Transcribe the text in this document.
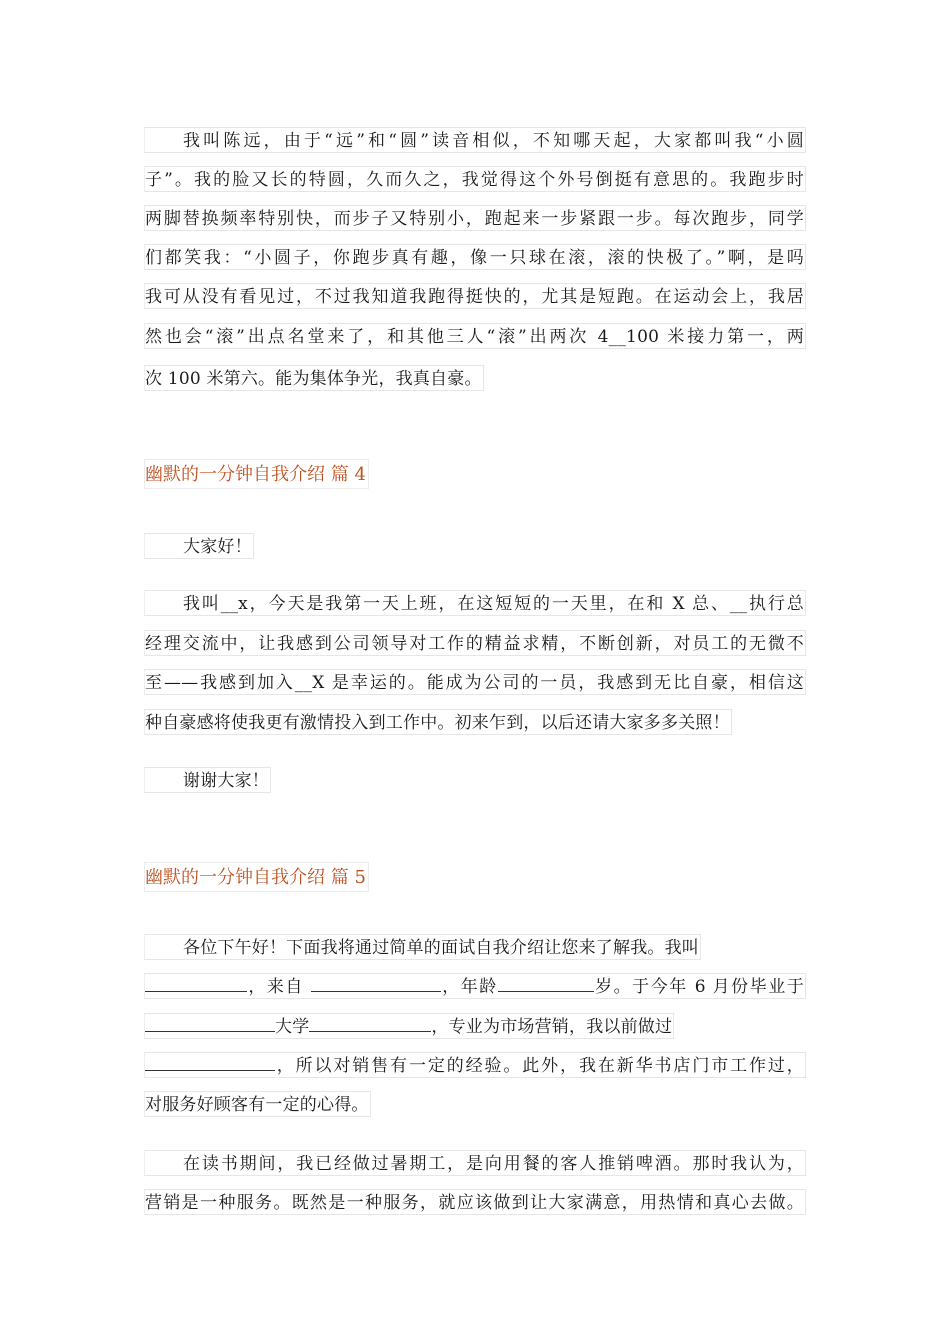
我叫陈远，由于“远”和“圆”读音相似，不知哪天起，大家都叫我“小圆
子”。我的脸又长的特圆，久而久之，我觉得这个外号倒挺有意思的。我跑步时
两脚替换频率特别快，而步子又特别小，跑起来一步紧跟一步。每次跑步，同学
们都笑我：“小圆子，你跑步真有趣，像一只球在滚，滚的快极了。”啊，是吗
我可从没有看见过，不过我知道我跑得挺快的，尤其是短跑。在运动会上，我居
然也会“滚”出点名堂来了，和其他三人“滚”出两次 4__100 米接力第一，两
次 100 米第六。能为集体争光，我真自豪。
幽默的一分钟自我介绍 篇 4
大家好！
我叫__x，今天是我第一天上班，在这短短的一天里，在和 X 总、__执行总
经理交流中，让我感到公司领导对工作的精益求精，不断创新，对员工的无微不
至——我感到加入__X 是幸运的。能成为公司的一员，我感到无比自豪，相信这
种自豪感将使我更有激情投入到工作中。初来乍到，以后还请大家多多关照！
谢谢大家！
幽默的一分钟自我介绍 篇 5
各位下午好！下面我将通过简单的面试自我介绍让您来了解我。我叫
，来自	，年龄	岁。于今年 6 月份毕业于
大学	，专业为市场营销，我以前做过
，所以对销售有一定的经验。此外，我在新华书店门市工作过，
对服务好顾客有一定的心得。
在读书期间，我已经做过暑期工，是向用餐的客人推销啤酒。那时我认为，
营销是一种服务。既然是一种服务，就应该做到让大家满意，用热情和真心去做。
